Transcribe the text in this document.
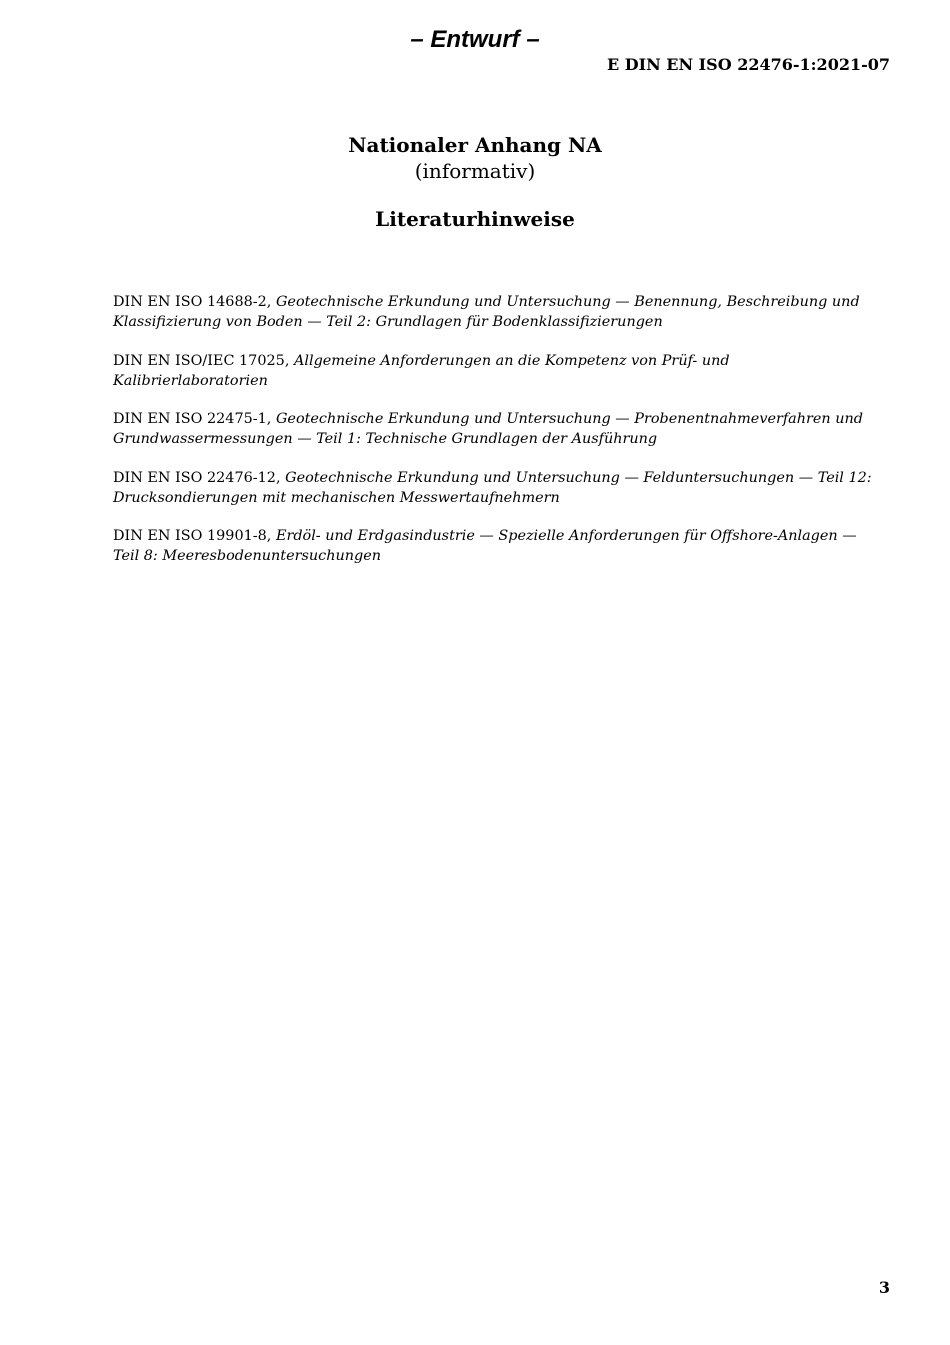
– Entwurf –

E DIN EN ISO 22476-1:2021-07

Nationaler Anhang NA

(informativ)

Literaturhinweise
DIN EN ISO 14688-2, Geotechnische Erkundung und Untersuchung — Benennung, Beschreibung und Klassifizierung von Boden — Teil 2: Grundlagen für Bodenklassifizierungen
DIN EN ISO/IEC 17025, Allgemeine Anforderungen an die Kompetenz von Prüf- und Kalibrierlaboratorien
DIN EN ISO 22475-1, Geotechnische Erkundung und Untersuchung — Probenentnahmeverfahren und Grundwassermessungen — Teil 1: Technische Grundlagen der Ausführung
DIN EN ISO 22476-12, Geotechnische Erkundung und Untersuchung — Felduntersuchungen — Teil 12: Drucksondierungen mit mechanischen Messwertaufnehmern
DIN EN ISO 19901-8, Erdöl- und Erdgasindustrie — Spezielle Anforderungen für Offshore-Anlagen — Teil 8: Meeresbodenuntersuchungen

3
